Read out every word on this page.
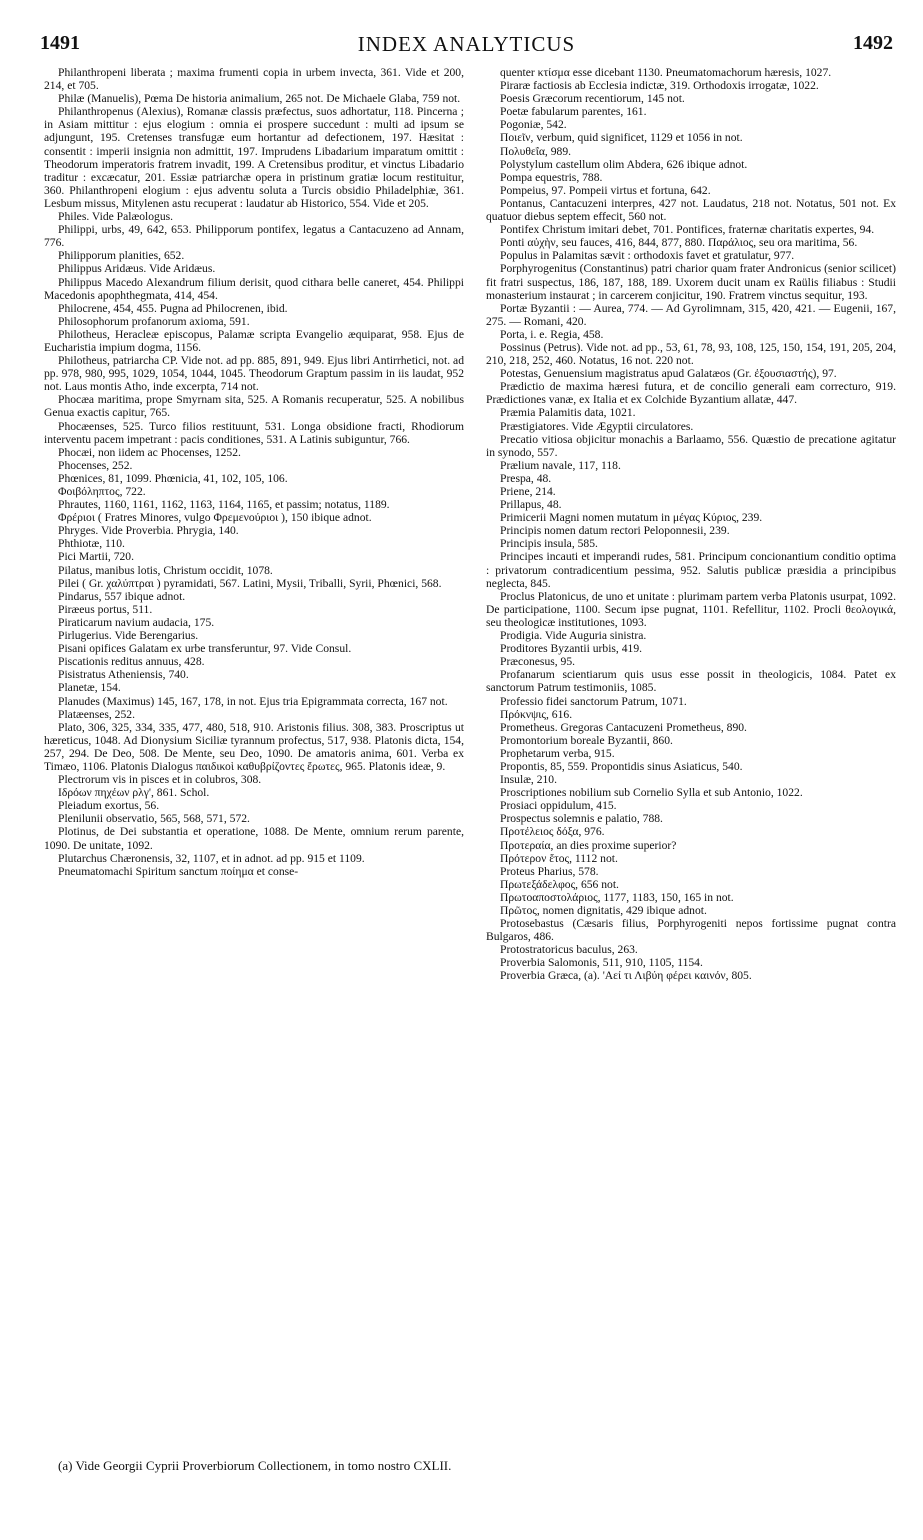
INDEX ANALYTICUS
1491	1492

Philanthropeni liberata ; maxima frumenti copia in urbem invecta, 361. Vide et 200, 214, et 705.

Philæ (Manuelis), Pœma De historia animalium, 265 not. De Michaele Glaba, 759 not.

Philanthropenus (Alexius), Romanæ classis præfectus, suos adhortatur, 118. Pincerna ; in Asiam mittitur : ejus elogium : omnia ei prospere succedunt : multi ad ipsum se adjungunt, 195. Cretenses transfugæ eum hortantur ad defectionem, 197. Hæsitat : consentit : imperii insignia non admittit, 197. Imprudens Libadarium imparatum omittit : Theodorum imperatoris fratrem invadit, 199. A Cretensibus proditur, et vinctus Libadario traditur : excæcatur, 201. Essiæ patriarchæ opera in pristinum gratiæ locum restituitur, 360. Philanthropeni elogium : ejus adventu soluta a Turcis obsidio Philadelphiæ, 361. Lesbum missus, Mitylenen astu recuperat : laudatur ab Historico, 554. Vide et 205.

Philes. Vide Palæologus.

Philippi, urbs, 49, 642, 653. Philipporum pontifex, legatus a Cantacuzeno ad Annam, 776.

Philipporum planities, 652.

Philippus Aridæus. Vide Aridæus.

Philippus Macedo Alexandrum filium derisit, quod cithara belle caneret, 454. Philippi Macedonis apophthegmata, 414, 454.

Philocrene, 454, 455. Pugna ad Philocrenen, ibid.

Philosophorum profanorum axioma, 591.

Philotheus, Heracleæ episcopus, Palamæ scripta Evangelio æquiparat, 958. Ejus de Eucharistia impium dogma, 1156.

Philotheus, patriarcha CP. Vide not. ad pp. 885, 891, 949. Ejus libri Antirrhetici, not. ad pp. 978, 980, 995, 1029, 1054, 1044, 1045. Theodorum Graptum passim in iis laudat, 952 not. Laus montis Atho, inde excerpta, 714 not.

Phocæa maritima, prope Smyrnam sita, 525. A Romanis recuperatur, 525. A nobilibus Genua exactis capitur, 765.

Phocæenses, 525. Turco filios restituunt, 531. Longa obsidione fracti, Rhodiorum interventu pacem impetrant : pacis conditiones, 531. A Latinis subiguntur, 766.

Phocæi, non iidem ac Phocenses, 1252.

Phocenses, 252.

Phœnices, 81, 1099. Phœnicia, 41, 102, 105, 106.

Φοιβόληπτος, 722.

Phrautes, 1160, 1161, 1162, 1163, 1164, 1165, et passim; notatus, 1189.

Φρέριοι ( Fratres Minores, vulgo Φρεμενούριοι ), 150 ibique adnot.

Phryges. Vide Proverbia. Phrygia, 140.

Phthiotæ, 110.

Pici Martii, 720.

Pilatus, manibus lotis, Christum occidit, 1078.

Pilei ( Gr. χαλύπτραι ) pyramidati, 567. Latini, Mysii, Triballi, Syrii, Phœnici, 568.

Pindarus, 557 ibique adnot.

Piræeus portus, 511.

Piraticarum navium audacia, 175.

Pirlugerius. Vide Berengarius.

Pisani opifices Galatam ex urbe transferuntur, 97. Vide Consul.

Piscationis reditus annuus, 428.

Pisistratus Atheniensis, 740.

Planetæ, 154.

Planudes (Maximus) 145, 167, 178, in not. Ejus tria Epigrammata correcta, 167 not.

Platæenses, 252.

Plato, 306, 325, 334, 335, 477, 480, 518, 910. Aristonis filius. 308, 383. Proscriptus ut hæreticus, 1048. Ad Dionysium Siciliæ tyrannum profectus, 517, 938. Platonis dicta, 154, 257, 294. De Deo, 508. De Mente, seu Deo, 1090. De amatoris anima, 601. Verba ex Timæo, 1106. Platonis Dialogus παιδικοὶ καθυβρίζοντες ἔρωτες, 965. Platonis ideæ, 9.

Plectrorum vis in pisces et in colubros, 308.

Ιδρόων πηχέων ρλγ', 861. Schol.

Pleiadum exortus, 56.

Plenilunii observatio, 565, 568, 571, 572.

Plotinus, de Dei substantia et operatione, 1088. De Mente, omnium rerum parente, 1090. De unitate, 1092.

Plutarchus Chæronensis, 32, 1107, et in adnot. ad pp. 915 et 1109.

Pneumatomachi Spiritum sanctum ποίημα et conse-

quenter κτίσμα esse dicebant 1130. Pneumatomachorum hæresis, 1027.

Piraræ factiosis ab Ecclesia indictæ, 319. Orthodoxis irrogatæ, 1022.

Poesis Græcorum recentiorum, 145 not.

Poetæ fabularum parentes, 161.

Pogoniæ, 542.

Ποιεῖν, verbum, quid significet, 1129 et 1056 in not.

Πολυθεΐα, 989.

Polystylum castellum olim Abdera, 626 ibique adnot.

Pompa equestris, 788.

Pompeius, 97. Pompeii virtus et fortuna, 642.

Pontanus, Cantacuzeni interpres, 427 not. Laudatus, 218 not. Notatus, 501 not. Ex quatuor diebus septem effecit, 560 not.

Pontifex Christum imitari debet, 701. Pontifices, fraternæ charitatis expertes, 94.

Ponti αὐχὴν, seu fauces, 416, 844, 877, 880. Παράλιος, seu ora maritima, 56.

Populus in Palamitas sævit : orthodoxis favet et gratulatur, 977.

Porphyrogenitus (Constantinus) patri charior quam frater Andronicus (senior scilicet) fit fratri suspectus, 186, 187, 188, 189. Uxorem ducit unam ex Raülis filiabus : Studii monasterium instaurat ; in carcerem conjicitur, 190. Fratrem vinctus sequitur, 193.

Portæ Byzantii : — Aurea, 774. — Ad Gyrolimnam, 315, 420, 421. — Eugenii, 167, 275. — Romani, 420.

Porta, i. e. Regia, 458.

Possinus (Petrus). Vide not. ad pp., 53, 61, 78, 93, 108, 125, 150, 154, 191, 205, 204, 210, 218, 252, 460. Notatus, 16 not. 220 not.

Potestas, Genuensium magistratus apud Galatæos (Gr. ἐξουσιαστής), 97.

Prædictio de maxima hæresi futura, et de concilio generali eam correcturo, 919. Prædictiones vanæ, ex Italia et ex Colchide Byzantium allatæ, 447.

Præmia Palamitis data, 1021.

Præstigiatores. Vide Ægyptii circulatores.

Precatio vitiosa objicitur monachis a Barlaamo, 556. Quæstio de precatione agitatur in synodo, 557.

Prælium navale, 117, 118.

Prespa, 48.

Priene, 214.

Prillapus, 48.

Primicerii Magni nomen mutatum in μέγας Κύριος, 239.

Principis nomen datum rectori Peloponnesii, 239.

Principis insula, 585.

Principes incauti et imperandi rudes, 581. Principum concionantium conditio optima : privatorum contradicentium pessima, 952. Salutis publicæ præsidia a principibus neglecta, 845.

Proclus Platonicus, de uno et unitate : plurimam partem verba Platonis usurpat, 1092. De participatione, 1100. Secum ipse pugnat, 1101. Refellitur, 1102. Procli θεολογικά, seu theologicæ institutiones, 1093.

Prodigia. Vide Auguria sinistra.

Proditores Byzantii urbis, 419.

Præconesus, 95.

Profanarum scientiarum quis usus esse possit in theologicis, 1084. Patet ex sanctorum Patrum testimoniis, 1085.

Professio fidei sanctorum Patrum, 1071.

Πρόκνψις, 616.

Prometheus. Gregoras Cantacuzeni Prometheus, 890.

Promontorium boreale Byzantii, 860.

Prophetarum verba, 915.

Propontis, 85, 559. Propontidis sinus Asiaticus, 540.

Insulæ, 210.

Proscriptiones nobilium sub Cornelio Sylla et sub Antonio, 1022.

Prosiaci oppidulum, 415.

Prospectus solemnis e palatio, 788.

Προτέλειος δόξα, 976.

Προτεραία, an dies proxime superior?

Πρότερον ἔτος, 1112 not.

Proteus Pharius, 578.

Πρωτεξάδελφος, 656 not.

Πρωτοαποστολάριος, 1177, 1183, 150, 165 in not.

Πρῶτος, nomen dignitatis, 429 ibique adnot.

Protosebastus (Cæsaris filius, Porphyrogeniti nepos fortissime pugnat contra Bulgaros, 486.

Protostratoricus baculus, 263.

Proverbia Salomonis, 511, 910, 1105, 1154.

Proverbia Græca, (a). 'Αεί τι Λιβύη φέρει καινόν, 805.

(a) Vide Georgii Cyprii Proverbiorum Collectionem, in tomo nostro CXLII.
